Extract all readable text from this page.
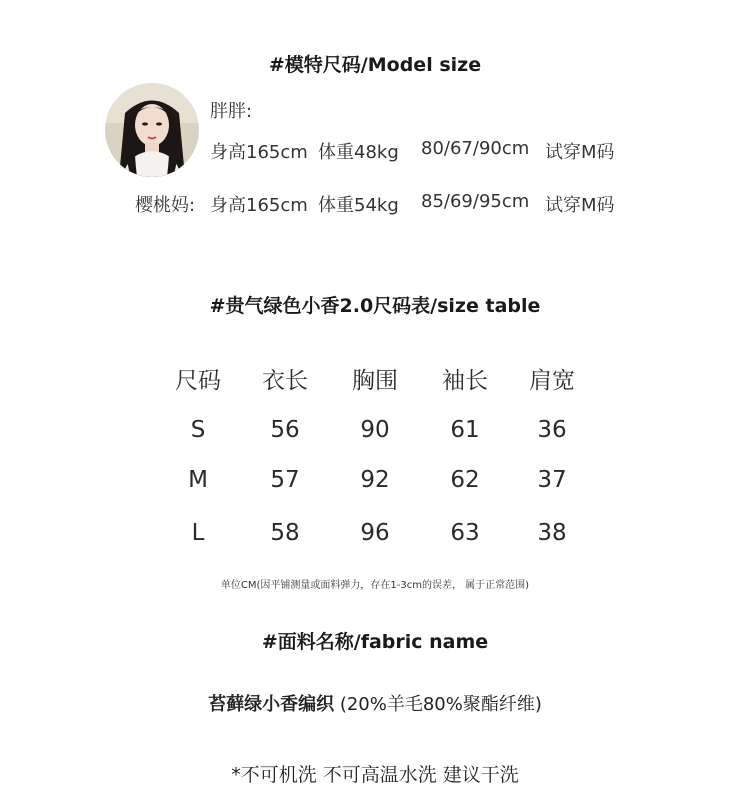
#模特尺码/Model size
胖胖:
身高165cm 体重48kg 80/67/90cm 试穿M码
樱桃妈: 身高165cm 体重54kg 85/69/95cm 试穿M码
#贵气绿色小香2.0尺码表/size table
尺码	衣长	胸围	袖长	肩宽
S	56	90	61	36
M	57	92	62	37
L	58	96	63	38
单位CM(因平铺测量或面料弹力，存在1-3cm的误差， 属于正常范围)
#面料名称/fabric name
苔藓绿小香编织 (20%羊毛80%聚酯纤维)
*不可机洗 不可高温水洗 建议干洗
